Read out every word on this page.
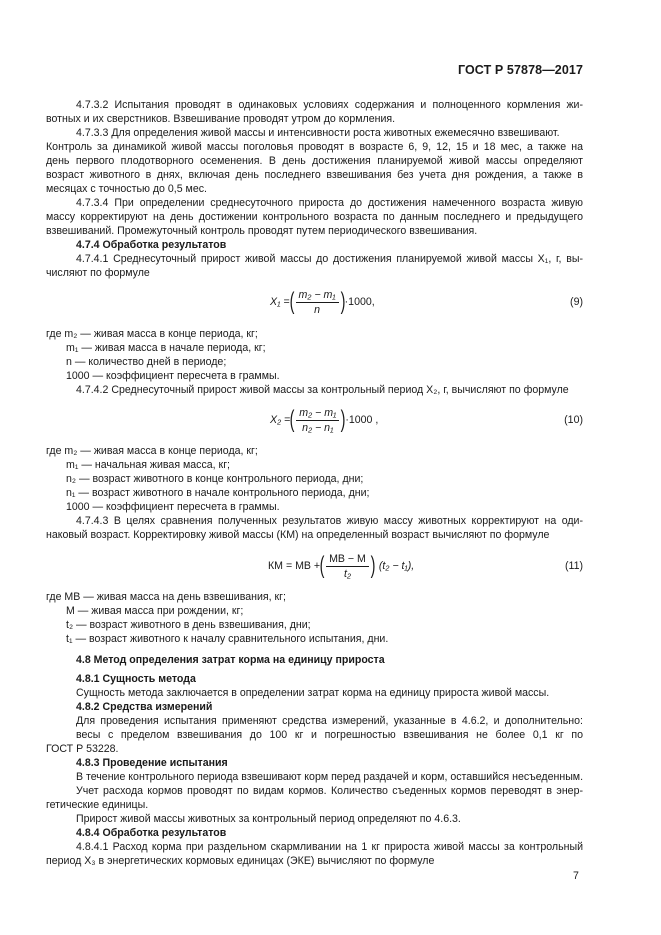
ГОСТ Р 57878—2017
4.7.3.2 Испытания проводят в одинаковых условиях содержания и полноценного кормления жи-
вотных и их сверстников. Взвешивание проводят утром до кормления.
4.7.3.3 Для определения живой массы и интенсивности роста животных ежемесячно взвешивают.
Контроль за динамикой живой массы поголовья проводят в возрасте 6, 9, 12, 15 и 18 мес, а также на
день первого плодотворного осеменения. В день достижения планируемой живой массы определяют
возраст животного в днях, включая день последнего взвешивания без учета дня рождения, а также в
месяцах с точностью до 0,5 мес.
4.7.3.4 При определении среднесуточного прироста до достижения намеченного возраста живую
массу корректируют на день достижении контрольного возраста по данным последнего и предыдущего
взвешиваний. Промежуточный контроль проводят путем периодического взвешивания.
4.7.4 Обработка результатов
4.7.4.1 Среднесуточный прирост живой массы до достижения планируемой живой массы X₁, г, вы-
числяют по формуле
X₁ = ( $\frac{\text{m₂ − m₁}}{n}$ ) ·1000,	(9)
где m₂ — живая масса в конце периода, кг;
m₁ — живая масса в начале периода, кг;
n — количество дней в периоде;
1000 — коэффициент пересчета в граммы.
4.7.4.2 Среднесуточный прирост живой массы за контрольный период X₂, г, вычисляют по формуле
X₂ = ( $\frac{\text{m₂ − m₁}}{\text{n₂ − n₁}}$ ) ·1000 ,	(10)
где m₂ — живая масса в конце периода, кг;
m₁ — начальная живая масса, кг;
n₂ — возраст животного в конце контрольного периода, дни;
n₁ — возраст животного в начале контрольного периода, дни;
1000 — коэффициент пересчета в граммы.
4.7.4.3 В целях сравнения полученных результатов живую массу животных корректируют на оди-
наковый возраст. Корректировку живой массы (КМ) на определенный возраст вычисляют по формуле
КМ = МВ + ( $\frac{МВ - М}{\text{t₂}}$ ) (t₂ − t₁),	(11)
где МВ — живая масса на день взвешивания, кг;
М — живая масса при рождении, кг;
t₂ — возраст животного в день взвешивания, дни;
t₁ — возраст животного к началу сравнительного испытания, дни.
4.8 Метод определения затрат корма на единицу прироста
4.8.1 Сущность метода
Сущность метода заключается в определении затрат корма на единицу прироста живой массы.
4.8.2 Средства измерений
Для проведения испытания применяют средства измерений, указанные в 4.6.2, и дополнительно:
весы с пределом взвешивания до 100 кг и погрешностью взвешивания не более 0,1 кг по
ГОСТ Р 53228.
4.8.3 Проведение испытания
В течение контрольного периода взвешивают корм перед раздачей и корм, оставшийся несъеденным.
Учет расхода кормов проводят по видам кормов. Количество съеденных кормов переводят в энер-
гетические единицы.
Прирост живой массы животных за контрольный период определяют по 4.6.3.
4.8.4 Обработка результатов
4.8.4.1 Расход корма при раздельном скармливании на 1 кг прироста живой массы за контрольный
период X₃ в энергетических кормовых единицах (ЭКЕ) вычисляют по формуле
7
